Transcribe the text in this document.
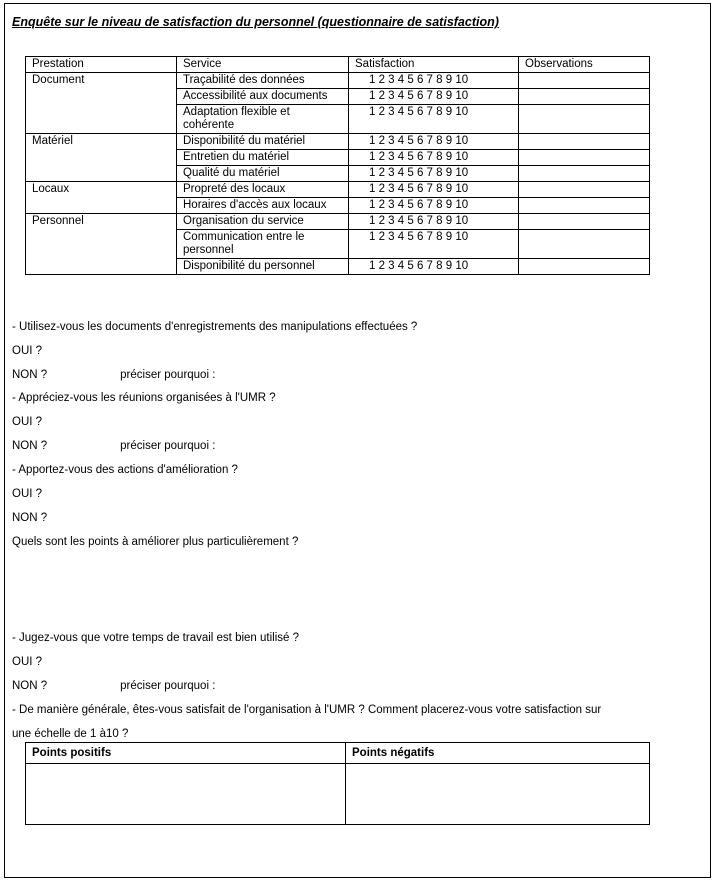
Enquête sur le niveau de satisfaction du personnel (questionnaire de satisfaction)
Prestation	Service	Satisfaction	Observations
Document	Traçabilité des données	1 2 3 4 5 6 7 8 9 10	
	Accessibilité aux documents	1 2 3 4 5 6 7 8 9 10	
	Adaptation flexible et cohérente	1 2 3 4 5 6 7 8 9 10	
Matériel	Disponibilité du matériel	1 2 3 4 5 6 7 8 9 10	
	Entretien du matériel	1 2 3 4 5 6 7 8 9 10	
	Qualité du matériel	1 2 3 4 5 6 7 8 9 10	
Locaux	Propreté des locaux	1 2 3 4 5 6 7 8 9 10	
	Horaires d'accès aux locaux	1 2 3 4 5 6 7 8 9 10	
Personnel	Organisation du service	1 2 3 4 5 6 7 8 9 10	
	Communication entre le personnel	1 2 3 4 5 6 7 8 9 10	
	Disponibilité du personnel	1 2 3 4 5 6 7 8 9 10	
- Utilisez-vous les documents d'enregistrements des manipulations effectuées ?
OUI ?
NON ?	préciser pourquoi :
- Appréciez-vous les réunions organisées à l'UMR ?
OUI ?
NON ?	préciser pourquoi :
- Apportez-vous des actions d'amélioration ?
OUI ?
NON ?
Quels sont les points à améliorer plus particulièrement ?
- Jugez-vous que votre temps de travail est bien utilisé ?
OUI ?
NON ?	préciser pourquoi :
- De manière générale, êtes-vous satisfait de l'organisation à l'UMR ? Comment placerez-vous votre satisfaction sur
une échelle de 1 à10 ?
Points positifs	Points négatifs
